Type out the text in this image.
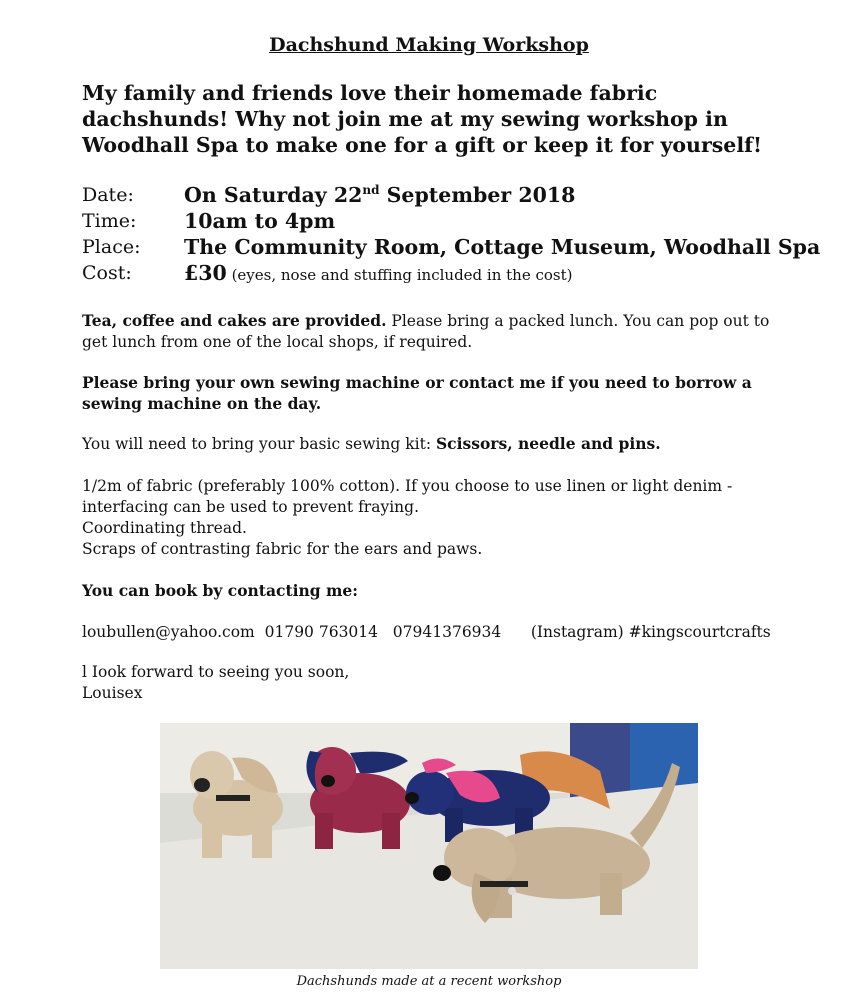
Dachshund Making Workshop
My family and friends love their homemade fabric dachshunds! Why not join me at my sewing workshop in Woodhall Spa to make one for a gift or keep it for yourself!
Date: On Saturday 22nd September 2018
Time: 10am to 4pm
Place: The Community Room, Cottage Museum, Woodhall Spa
Cost:	£30 (eyes, nose and stuffing included in the cost)
Tea, coffee and cakes are provided. Please bring a packed lunch. You can pop out to get lunch from one of the local shops, if required.
Please bring your own sewing machine or contact me if you need to borrow a sewing machine on the day.
You will need to bring your basic sewing kit: Scissors, needle and pins.
1/2m of fabric (preferably 100% cotton). If you choose to use linen or light denim - interfacing can be used to prevent fraying.
Coordinating thread.
Scraps of contrasting fabric for the ears and paws.
You can book by contacting me:
loubullen@yahoo.com  01790 763014   07941376934      (Instagram) #kingscourtcrafts
l Iook forward to seeing you soon,
Louisex
Dachshunds made at a recent workshop
